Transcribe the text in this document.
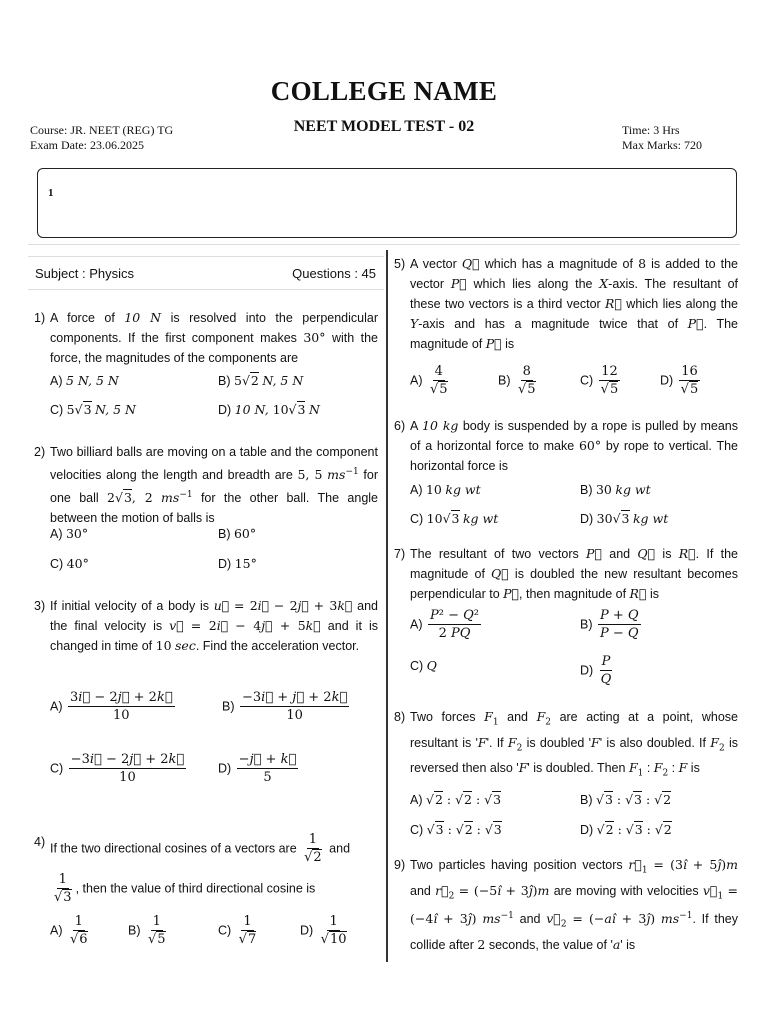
COLLEGE NAME
NEET MODEL TEST - 02
Course: JR. NEET (REG) TG
Exam Date: 23.06.2025
Time: 3 Hrs
Max Marks: 720
1
Subject : Physics	Questions : 45
1) A force of 10 N is resolved into the perpendicular components. If the first component makes 30° with the force, the magnitudes of the components are
A) 5 N, 5 N	B) 5√2 N, 5 N
C) 5√3 N, 5 N	D) 10 N, 10√3 N
2) Two billiard balls are moving on a table and the component velocities along the length and breadth are 5, 5 $ms^{-1}$ for one ball 2√3, 2 $ms^{-1}$ for the other ball. The angle between the motion of balls is
A) 30°	B) 60°
C) 40°	D) 15°
3) If initial velocity of a body is u⃗ = 2i⃗ − 2j⃗ + 3k⃗ and the final velocity is v⃗ = 2i⃗ − 4j⃗ + 5k⃗ and it is changed in time of 10 sec. Find the acceleration vector.
$A) \frac{3i⃗ - 2j⃗ + 2k⃗}{10}$	$B) \frac{-3i⃗ + j⃗ + 2k⃗}{10}$
$C) \frac{-3i⃗ - 2j⃗ + 2k⃗}{10}$	$D) \frac{-j⃗ + k⃗}{5}$
4) If the two directional cosines of a vectors are $\frac{1}{√2}$ and
$\frac{1}{√3}$ , then the value of third directional cosine is
$A) \frac{1}{√6}$	$B) \frac{1}{√5}$	$C) \frac{1}{√7}$	$D) \frac{1}{√10}$
5) A vector Q⃗ which has a magnitude of 8 is added to the vector P⃗ which lies along the X-axis. The resultant of these two vectors is a third vector R⃗ which lies along the Y-axis and has a magnitude twice that of P⃗. The magnitude of P⃗ is
$A) \frac{4}{√5}$	$B) \frac{8}{√5}$	$C) \frac{12}{√5}$	$D) \frac{16}{√5}$
6) A 10 kg body is suspended by a rope is pulled by means of a horizontal force to make 60° by rope to vertical. The horizontal force is
A) 10 kg wt	B) 30 kg wt
C) 10√3 kg wt	D) 30√3 kg wt
7) The resultant of two vectors P⃗ and Q⃗ is R⃗. If the magnitude of Q⃗ is doubled the new resultant becomes perpendicular to P⃗, then magnitude of R⃗ is
$A) \frac{\text{P² − Q²}}{2 PQ}$	$B) \frac{P + Q}{P - Q}$
C) Q	$D) \frac{P}{Q}$
8) Two forces $F_1$ and $F_2$ are acting at a point, whose resultant is 'F'. If $F_2$ is doubled 'F' is also doubled. If $F_2$ is reversed then also 'F' is doubled. Then $F_1$ : $F_2$ : F is
A) √2 : √2 : √3	B) √3 : √3 : √2
C) √3 : √2 : √3	D) √2 : √3 : √2
9) Two particles having position vectors $r⃗_1$ = (3î + 5ĵ)m and $r⃗_2$ = (−5î + 3ĵ)m are moving with velocities $v⃗_1$ = (−4î + 3ĵ) $ms^{-1}$ and $v⃗_2$ = (−aî + 3ĵ) $ms^{-1}$. If they collide after 2 seconds, the value of 'a' is
